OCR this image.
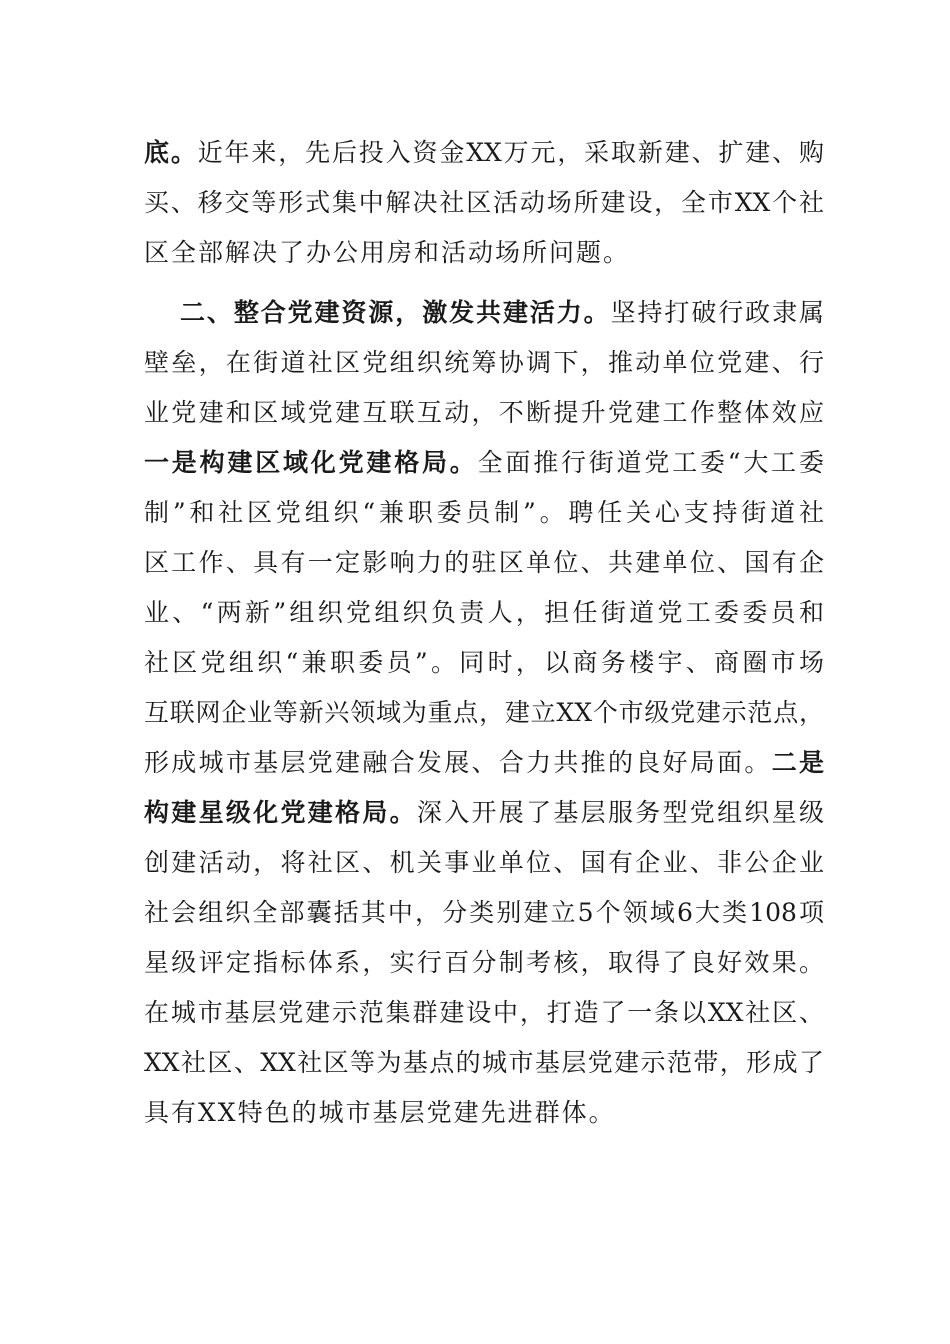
底。近年来，先后投入资金XX万元，采取新建、扩建、购
买、移交等形式集中解决社区活动场所建设，全市XX个社
区全部解决了办公用房和活动场所问题。
二、整合党建资源，激发共建活力。坚持打破行政隶属
壁垒，在街道社区党组织统筹协调下，推动单位党建、行
业党建和区域党建互联互动，不断提升党建工作整体效应
一是构建区域化党建格局。全面推行街道党工委“大工委
制”和社区党组织“兼职委员制”。聘任关心支持街道社
区工作、具有一定影响力的驻区单位、共建单位、国有企
业、“两新”组织党组织负责人，担任街道党工委委员和
社区党组织“兼职委员”。同时，以商务楼宇、商圈市场
互联网企业等新兴领域为重点，建立XX个市级党建示范点，
形成城市基层党建融合发展、合力共推的良好局面。二是
构建星级化党建格局。深入开展了基层服务型党组织星级
创建活动，将社区、机关事业单位、国有企业、非公企业
社会组织全部囊括其中，分类别建立5个领域6大类108项
星级评定指标体系，实行百分制考核，取得了良好效果。
在城市基层党建示范集群建设中，打造了一条以XX社区、
XX社区、XX社区等为基点的城市基层党建示范带，形成了
具有XX特色的城市基层党建先进群体。
